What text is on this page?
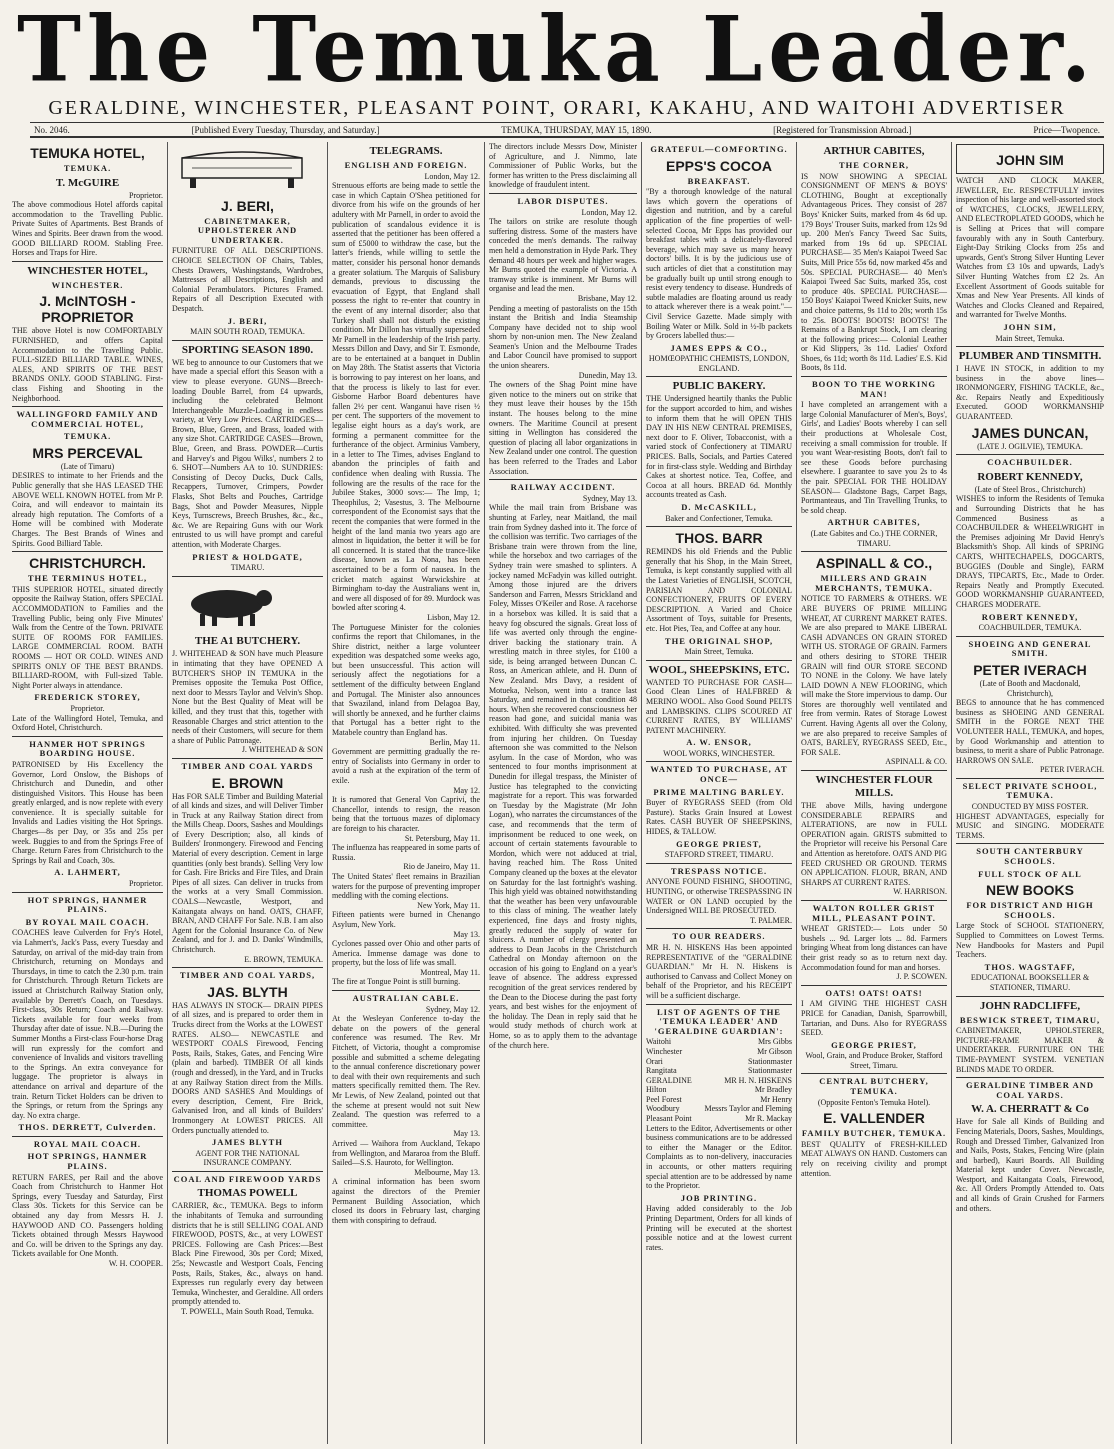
The Temuka Leader.
GERALDINE, WINCHESTER, PLEASANT POINT, ORARI, KAKAHU, AND WAITOHI ADVERTISER
No. 2046.	[Published Every Tuesday, Thursday, and Saturday.]	TEMUKA, THURSDAY, MAY 15, 1890.	[Registered for Transmission Abroad.]	Price—Twopence.
TEMUKA HOTEL,
TEMUKA.
T. McGUIRE
Proprietor.
The above commodious Hotel affords capital accommodation to the Travelling Public. Private Suites of Apartments. Best Brands of Wines and Spirits. Beer drawn from the wood. GOOD BILLIARD ROOM. Stabling Free. Horses and Traps for Hire.
WINCHESTER HOTEL,
WINCHESTER.
J. McINTOSH - PROPRIETOR
THE above Hotel is now COMFORTABLY FURNISHED, and offers Capital Accommodation to the Travelling Public. FULL-SIZED BILLIARD TABLE. WINES, ALES, AND SPIRITS OF THE BEST BRANDS ONLY. GOOD STABLING. First-class Fishing and Shooting in the Neighborhood.
WALLINGFORD FAMILY AND COMMERCIAL HOTEL,
TEMUKA.
MRS PERCEVAL
(Late of Timaru)
DESIRES to intimate to her Friends and the Public generally that she HAS LEASED THE ABOVE WELL KNOWN HOTEL from Mr P. Coira, and will endeavor to maintain its already high reputation. The Comforts of a Home will be combined with Moderate Charges. The Best Brands of Wines and Spirits. Good Billiard Table.
CHRISTCHURCH.
THE TERMINUS HOTEL,
THIS SUPERIOR HOTEL, situated directly opposite the Railway Station, offers SPECIAL ACCOMMODATION to Families and the Travelling Public, being only Five Minutes' Walk from the Centre of the Town. PRIVATE SUITE OF ROOMS FOR FAMILIES. LARGE COMMERCIAL ROOM. BATH ROOMS — HOT OR COLD. WINES AND SPIRITS ONLY OF THE BEST BRANDS. BILLIARD-ROOM, with Full-sized Table. Night Porter always in attendance.
FREDERICK STOREY,
Proprietor.
Late of the Wallingford Hotel, Temuka, and Oxford Hotel, Christchurch.
HANMER HOT SPRINGS BOARDING HOUSE.
PATRONISED by His Excellency the Governor, Lord Onslow, the Bishops of Christchurch and Dunedin, and other distinguished Visitors. This House has been greatly enlarged, and is now replete with every convenience. It is specially suitable for Invalids and Ladies visiting the Hot Springs. Charges—8s per Day, or 35s and 25s per week. Buggies to and from the Springs Free of Charge. Return Fares from Christchurch to the Springs by Rail and Coach, 30s.
A. LAHMERT,
Proprietor.
HOT SPRINGS, HANMER PLAINS.
BY ROYAL MAIL COACH.
COACHES leave Culverden for Fry's Hotel, via Lahmert's, Jack's Pass, every Tuesday and Saturday, on arrival of the mid-day train from Christchurch, returning on Mondays and Thursdays, in time to catch the 2.30 p.m. train for Christchurch. Through Return Tickets are issued at Christchurch Railway Station only, available by Derrett's Coach, on Tuesdays. First-class, 30s Return; Coach and Railway. Tickets available for four weeks from Thursday after date of issue. N.B.—During the Summer Months a First-class Four-horse Drag will run expressly for the comfort and convenience of Invalids and visitors travelling to the Springs. An extra conveyance for luggage. The proprietor is always in attendance on arrival and departure of the train. Return Ticket Holders can be driven to the Springs, or return from the Springs any day. No extra charge.
THOS. DERRETT, Culverden.
ROYAL MAIL COACH.
HOT SPRINGS, HANMER PLAINS.
RETURN FARES, per Rail and the above Coach from Christchurch to Hanmer Hot Springs, every Tuesday and Saturday, First Class 30s. Tickets for this Service can be obtained any day from Messrs H. J. HAYWOOD AND CO. Passengers holding Tickets obtained through Messrs Haywood and Co. will be driven to the Springs any day. Tickets available for One Month.
W. H. COOPER.
J. BERI,
CABINETMAKER, UPHOLSTERER AND UNDERTAKER.
FURNITURE OF ALL DESCRIPTIONS. CHOICE SELECTION OF Chairs, Tables, Chests Drawers, Washingstands, Wardrobes, Mattresses of all Descriptions, English and Colonial Perambulators. Pictures Framed. Repairs of all Description Executed with Despatch.
J. BERI,
MAIN SOUTH ROAD, TEMUKA.
SPORTING SEASON 1890.
WE beg to announce to our Customers that we have made a special effort this Season with a view to please everyone. GUNS—Breech-loading Double Barrel, from £4 upwards, including the celebrated Belmont Interchangeable Muzzle-Loading in endless variety, at Very Low Prices. CARTRIDGES—Brown, Blue, Green, and Brass, loaded with any size Shot. CARTRIDGE CASES—Brown, Blue, Green, and Brass. POWDER—Curtis and Harvey's and Pigou Wilks', numbers 2 to 6. SHOT—Numbers AA to 10. SUNDRIES: Consisting of Decoy Ducks, Duck Calls, Recappers, Turnover, Crimpers, Powder Flasks, Shot Belts and Pouches, Cartridge Bags, Shot and Powder Measures, Nipple Keys, Turnscrews, Breech Brushes, &c., &c., &c. We are Repairing Guns with our Work entrusted to us will have prompt and careful attention, with Moderate Charges.
PRIEST & HOLDGATE,
TIMARU.
THE A1 BUTCHERY.
J. WHITEHEAD & SON have much Pleasure in intimating that they have OPENED A BUTCHER'S SHOP IN TEMUKA in the Premises opposite the Temuka Post Office, next door to Messrs Taylor and Velvin's Shop. None but the Best Quality of Meat will be killed, and they trust that this, together with Reasonable Charges and strict attention to the needs of their Customers, will secure for them a share of Public Patronage.
J. WHITEHEAD & SON
TIMBER AND COAL YARDS
E. BROWN
Has FOR SALE Timber and Building Material of all kinds and sizes, and will Deliver Timber in Truck at any Railway Station direct from the Mills Cheap. Doors, Sashes and Mouldings of Every Description; also, all kinds of Builders' Ironmongery. Firewood and Fencing Material of every description. Cement in large quantities (only best brands). Selling Very low for Cash. Fire Bricks and Fire Tiles, and Drain Pipes of all sizes. Can deliver in trucks from the works at a very Small Commission. COALS—Newcastle, Westport, and Kaitangata always on hand. OATS, CHAFF, BRAN, AND CHAFF For Sale. N.B. I am also Agent for the Colonial Insurance Co. of New Zealand, and for J. and D. Danks' Windmills, Christchurch.
E. BROWN, TEMUKA.
TIMBER AND COAL YARDS,
JAS. BLYTH
HAS ALWAYS IN STOCK— DRAIN PIPES of all sizes, and is prepared to order them in Trucks direct from the Works at the LOWEST RATES. ALSO— NEWCASTLE and WESTPORT COALS Firewood, Fencing Posts, Rails, Stakes, Gates, and Fencing Wire (plain and barbed). TIMBER Of all kinds (rough and dressed), in the Yard, and in Trucks at any Railway Station direct from the Mills. DOORS AND SASHES And Mouldings of every description, Cement, Fire Brick, Galvanised Iron, and all kinds of Builders' Ironmongery At LOWEST PRICES. All Orders punctually attended to.
JAMES BLYTH
AGENT FOR THE NATIONAL INSURANCE COMPANY.
COAL AND FIREWOOD YARDS
THOMAS POWELL
CARRIER, &c., TEMUKA. Begs to inform the inhabitants of Temuka and surrounding districts that he is still SELLING COAL AND FIREWOOD, POSTS, &c., at very LOWEST PRICES. Following are Cash Prices:—Best Black Pine Firewood, 30s per Cord; Mixed, 25s; Newcastle and Westport Coals, Fencing Posts, Rails, Stakes, &c., always on hand. Expresses run regularly every day between Temuka, Winchester, and Geraldine. All orders promptly attended to.
T. POWELL, Main South Road, Temuka.
TELEGRAMS.
ENGLISH AND FOREIGN.
London, May 12.
Strenuous efforts are being made to settle the case in which Captain O'Shea petitioned for divorce from his wife on the grounds of her adultery with Mr Parnell, in order to avoid the publication of scandalous evidence it is asserted that the petitioner has been offered a sum of £5000 to withdraw the case, but the latter's friends, while willing to settle the matter, consider his personal honor demands a greater solatium. The Marquis of Salisbury demands, previous to discussing the evacuation of Egypt, that England shall possess the right to re-enter that country in the event of any internal disorder; also that Turkey shall shall not disturb the existing condition. Mr Dillon has virtually superseded Mr Parnell in the leadership of the Irish party. Messrs Dillon and Davy, and Sir T. Esmonde, are to be entertained at a banquet in Dublin on May 28th. The Statist asserts that Victoria is borrowing to pay interest on her loans, and that the process is likely to last for ever. Gisborne Harbor Board debentures have fallen 2½ per cent. Wanganui have risen ½ per cent. The supporters of the movement to legalise eight hours as a day's work, are forming a permanent committee for the furtherance of the object. Arminius Vambery, in a letter to The Times, advises England to abandon the principles of faith and confidence when dealing with Russia. The following are the results of the race for the Jubilee Stakes, 3000 sovs:— The Imp, 1; Theophilus, 2; Vasestus, 3. The Melbourne correspondent of the Economist says that the recent the companies that were formed in the height of the land mania two years ago are almost in liquidation, the better it will be for all concerned. It is stated that the trance-like disease, known as La Nona, has been ascertained to be a form of nausea. In the cricket match against Warwickshire at Birmingham to-day the Australians went in, and were all disposed of for 89. Murdock was bowled after scoring 4.
Lisbon, May 12.
The Portuguese Minister for the colonies confirms the report that Chilomanes, in the Shire district, neither a large volunteer expedition was despatched some weeks ago, but been unsuccessful. This action will seriously affect the negotiations for a settlement of the difficulty between England and Portugal. The Minister also announces that Swaziland, inland from Delagoa Bay, will shortly be annexed, and he further claims that Portugal has a better right to the Matabele country than England has.
Berlin, May 11.
Government are permitting gradually the re-entry of Socialists into Germany in order to avoid a rush at the expiration of the term of exile.
May 12.
It is rumored that General Von Caprivi, the Chancellor, intends to resign, the reason being that the tortuous mazes of diplomacy are foreign to his character.
St. Petersburg, May 11.
The influenza has reappeared in some parts of Russia.
Rio de Janeiro, May 11.
The United States' fleet remains in Brazilian waters for the purpose of preventing improper meddling with the coming elections.
New York, May 11.
Fifteen patients were burned in Chenango Asylum, New York.
May 13.
Cyclones passed over Ohio and other parts of America. Immense damage was done to property, but the loss of life was small.
Montreal, May 11.
The fire at Tongue Point is still burning.
AUSTRALIAN CABLE.
Sydney, May 12.
At the Wesleyan Conference to-day the debate on the powers of the general conference was resumed. The Rev. Mr Fitchett, of Victoria, thought a compromise possible and submitted a scheme delegating to the annual conference discretionary power to deal with their own requirements and such matters specifically remitted them. The Rev. Mr Lewis, of New Zealand, pointed out that the scheme at present would not suit New Zealand. The question was referred to a committee.
May 13.
Arrived — Waihora from Auckland, Tekapo from Wellington, and Mararoa from the Bluff. Sailed—S.S. Hauroto, for Wellington.
Melbourne, May 13.
A criminal information has been sworn against the directors of the Premier Permanent Building Association, which closed its doors in February last, charging them with conspiring to defraud.
The directors include Messrs Dow, Minister of Agriculture, and J. Nimmo, late Commissioner of Public Works, but the former has written to the Press disclaiming all knowledge of fraudulent intent.
LABOR DISPUTES.
London, May 12.
The tailors on strike are resolute though suffering distress. Some of the masters have conceded the men's demands. The railway men held a demonstration in Hyde Park. They demand 48 hours per week and higher wages. Mr Burns quoted the example of Victoria. A tramway strike is imminent. Mr Burns will organise and lead the men.
Brisbane, May 12.
Pending a meeting of pastoralists on the 15th instant the British and India Steamship Company have decided not to ship wool shorn by non-union men. The New Zealand Seamen's Union and the Melbourne Trades and Labor Council have promised to support the union shearers.
Dunedin, May 13.
The owners of the Shag Point mine have given notice to the miners out on strike that they must leave their houses by the 15th instant. The houses belong to the mine owners. The Maritime Council at present sitting in Wellington has considered the question of placing all labor organizations in New Zealand under one control. The question has been referred to the Trades and Labor Association.
RAILWAY ACCIDENT.
Sydney, May 13.
While the mail train from Brisbane was shunting at Farley, near Maitland, the mail train from Sydney dashed into it. The force of the collision was terrific. Two carriages of the Brisbane train were thrown from the line, while the horsebox and two carriages of the Sydney train were smashed to splinters. A jockey named McFadyin was killed outright. Among those injured are the drivers Sanderson and Farren, Messrs Strickland and Foley, Misses O'Keiler and Rose. A racehorse in a horsebox was killed. It is said that a heavy fog obscured the signals. Great loss of life was averted only through the engine-driver backing the stationary train. A wrestling match in three styles, for £100 a side, is being arranged between Duncan C. Ross, an American athlete, and H. Dunn of New Zealand. Mrs Davy, a resident of Motueka, Nelson, went into a trance last Saturday, and remained in that condition 48 hours. When she recovered consciousness her reason had gone, and suicidal mania was exhibited. With difficulty she was prevented from injuring her children. On Tuesday afternoon she was committed to the Nelson asylum. In the case of Mordon, who was sentenced to four months imprisonment at Dunedin for illegal trespass, the Minister of Justice has telegraphed to the convicting magistrate for a report. This was forwarded on Tuesday by the Magistrate (Mr John Logan), who narrates the circumstances of the case, and recommends that the term of imprisonment be reduced to one week, on account of certain statements favourable to Mordon, which were not adduced at trial, having reached him. The Ross United Company cleaned up the boxes at the elevator on Saturday for the last fortnight's washing. This high yield was obtained notwithstanding that the weather has been very unfavourable to this class of mining. The weather lately experienced, fine days and frosty nights, greatly reduced the supply of water for sluicers. A number of clergy presented an address to Dean Jacobs in the Christchurch Cathedral on Monday afternoon on the occasion of his going to England on a year's leave of absence. The address expressed recognition of the great services rendered by the Dean to the Diocese during the past forty years, and best wishes for the enjoyment of the holiday. The Dean in reply said that he would study methods of church work at Home, so as to apply them to the advantage of the church here.
GRATEFUL—COMFORTING.
EPPS'S COCOA
BREAKFAST.
"By a thorough knowledge of the natural laws which govern the operations of digestion and nutrition, and by a careful application of the fine properties of well-selected Cocoa, Mr Epps has provided our breakfast tables with a delicately-flavored beverage, which may save us many heavy doctors' bills. It is by the judicious use of such articles of diet that a constitution may be gradually built up until strong enough to resist every tendency to disease. Hundreds of subtle maladies are floating around us ready to attack wherever there is a weak point."—Civil Service Gazette. Made simply with Boiling Water or Milk. Sold in ½-lb packets by Grocers labelled thus:—
JAMES EPPS & CO.,
HOMŒOPATHIC CHEMISTS, LONDON, ENGLAND.
PUBLIC BAKERY.
THE Undersigned heartily thanks the Public for the support accorded to him, and wishes to inform them that he will OPEN THIS DAY IN HIS NEW CENTRAL PREMISES, next door to F. Oliver, Tobacconist, with a varied stock of Confectionery at TIMARU PRICES. Balls, Socials, and Parties Catered for in first-class style. Wedding and Birthday Cakes at shortest notice. Tea, Coffee, and Cocoa at all hours. BREAD 6d. Monthly accounts treated as Cash.
D. McCASKILL,
Baker and Confectioner, Temuka.
THOS. BARR
REMINDS his old Friends and the Public generally that his Shop, in the Main Street, Temuka, is kept constantly supplied with all the Latest Varieties of ENGLISH, SCOTCH, PARISIAN AND COLONIAL CONFECTIONERY, FRUITS OF EVERY DESCRIPTION. A Varied and Choice Assortment of Toys, suitable for Presents, etc. Hot Pies, Tea, and Coffee at any hour.
THE ORIGINAL SHOP,
Main Street, Temuka.
WOOL, SHEEPSKINS, ETC.
WANTED TO PURCHASE FOR CASH—Good Clean Lines of HALFBRED & MERINO WOOL. Also Good Sound PELTS and LAMBSKINS. CLIPS SCOURED AT CURRENT RATES, BY WILLIAMS' PATENT MACHINERY.
A. W. ENSOR,
WOOL WORKS, WINCHESTER.
WANTED TO PURCHASE, AT ONCE—
PRIME MALTING BARLEY.
Buyer of RYEGRASS SEED (from Old Pasture). Stacks Grain Insured at Lowest Rates. CASH BUYER OF SHEEPSKINS, HIDES, & TALLOW.
GEORGE PRIEST,
STAFFORD STREET, TIMARU.
TRESPASS NOTICE.
ANYONE FOUND FISHING, SHOOTING, HUNTING, or otherwise TRESPASSING IN WATER or ON LAND occupied by the Undersigned WILL BE PROSECUTED.
T. PALMER.
TO OUR READERS.
MR H. N. HISKENS Has been appointed REPRESENTATIVE of the "GERALDINE GUARDIAN." Mr H. N. Hiskens is authorised to Canvass and Collect Money on behalf of the Proprietor, and his RECEIPT will be a sufficient discharge.
LIST OF AGENTS OF THE 'TEMUKA LEADER' AND 'GERALDINE GUARDIAN':
Waitohi	Mrs Gibbs
Winchester	Mr Gibson
Orari	Stationmaster
Rangitata	Stationmaster
GERALDINE	MR H. N. HISKENS
Hilton	Mr Bradley
Peel Forest	Mr Henry
Woodbury	Messrs Taylor and Fleming
Pleasant Point	Mr R. Mackay
Letters to the Editor, Advertisements or other business communications are to be addressed to either the Manager or the Editor. Complaints as to non-delivery, inaccuracies in accounts, or other matters requiring special attention are to be addressed by name to the Proprietor.
JOB PRINTING.
Having added considerably to the Job Printing Department, Orders for all kinds of Printing will be executed at the shortest possible notice and at the lowest current rates.
ARTHUR CABITES,
THE CORNER,
IS NOW SHOWING A SPECIAL CONSIGNMENT OF MEN'S & BOYS' CLOTHING, Bought at exceptionally Advantageous Prices. They consist of 287 Boys' Knicker Suits, marked from 4s 6d up. 179 Boys' Trouser Suits, marked from 12s 9d up. 200 Men's Fancy Tweed Sac Suits, marked from 19s 6d up. SPECIAL PURCHASE— 35 Men's Kaiapoi Tweed Sac Suits, Mill Price 55s 6d, now marked 45s and 50s. SPECIAL PURCHASE— 40 Men's Kaiapoi Tweed Sac Suits, marked 35s, cost to produce 40s. SPECIAL PURCHASE— 150 Boys' Kaiapoi Tweed Knicker Suits, new and choice patterns, 9s 11d to 20s; worth 15s to 25s. BOOTS! BOOTS! BOOTS! The Remains of a Bankrupt Stock, I am clearing at the following prices:— Colonial Leather or Kid Slippers, 3s 11d. Ladies' Oxford Shoes, 6s 11d; worth 8s 11d. Ladies' E.S. Kid Boots, 8s 11d.
BOON TO THE WORKING MAN!
I have completed an arrangement with a large Colonial Manufacturer of Men's, Boys', Girls', and Ladies' Boots whereby I can sell their productions at Wholesale Cost, receiving a small commission for trouble. If you want Wear-resisting Boots, don't fail to see these Goods before purchasing elsewhere. I guarantee to save you 2s to 4s the pair. SPECIAL FOR THE HOLIDAY SEASON— Gladstone Bags, Carpet Bags, Portmanteaus, and Tin Travelling Trunks, to be sold cheap.
ARTHUR CABITES,
(Late Gabites and Co.) THE CORNER, TIMARU.
ASPINALL & CO.,
MILLERS AND GRAIN MERCHANTS, TEMUKA.
NOTICE TO FARMERS & OTHERS. WE ARE BUYERS OF PRIME MILLING WHEAT, AT CURRENT MARKET RATES. We are also prepared to MAKE LIBERAL CASH ADVANCES ON GRAIN STORED WITH US. STORAGE OF GRAIN. Farmers and others desiring to STORE THEIR GRAIN will find OUR STORE SECOND TO NONE in the Colony. We have lately LAID DOWN A NEW FLOORING, which will make the Store impervious to damp. Our Stores are thoroughly well ventilated and free from vermin. Rates of Storage Lowest Current. Having Agents all over the Colony, we are also prepared to receive Samples of OATS, BARLEY, RYEGRASS SEED, Etc., FOR SALE.
ASPINALL & CO.
WINCHESTER FLOUR MILLS.
THE above Mills, having undergone CONSIDERABLE REPAIRS and ALTERATIONS, are now in FULL OPERATION again. GRISTS submitted to the Proprietor will receive his Personal Care and Attention as heretofore. OATS AND PIG FEED CRUSHED OR GROUND. TERMS ON APPLICATION. FLOUR, BRAN, AND SHARPS AT CURRENT RATES.
W. HARRISON.
WALTON ROLLER GRIST MILL, PLEASANT POINT.
WHEAT GRISTED:— Lots under 50 bushels ... 9d. Larger lots ... 8d. Farmers bringing Wheat from long distances can have their grist ready so as to return next day. Accommodation found for man and horses.
J. P. SCOWEN.
OATS! OATS! OATS!
I AM GIVING THE HIGHEST CASH PRICE for Canadian, Danish, Sparrowbill, Tartarian, and Duns. Also for RYEGRASS SEED.
GEORGE PRIEST,
Wool, Grain, and Produce Broker, Stafford Street, Timaru.
CENTRAL BUTCHERY, TEMUKA.
(Opposite Fenton's Temuka Hotel).
E. VALLENDER
FAMILY BUTCHER, TEMUKA.
BEST QUALITY of FRESH-KILLED MEAT ALWAYS ON HAND. Customers can rely on receiving civility and prompt attention.
JOHN SIM
WATCH AND CLOCK MAKER, JEWELLER, Etc. RESPECTFULLY invites inspection of his large and well-assorted stock of WATCHES, CLOCKS, JEWELLERY, AND ELECTROPLATED GOODS, which he is Selling at Prices that will compare favourably with any in South Canterbury. Eight-Day Striking Clocks from 25s and upwards, Gent's Strong Silver Hunting Lever Watches from £3 10s and upwards, Lady's Silver Hunting Watches from £2 2s. An Excellent Assortment of Goods suitable for Xmas and New Year Presents. All kinds of Watches and Clocks Cleaned and Repaired, and warranted for Twelve Months.
JOHN SIM,
Main Street, Temuka.
PLUMBER AND TINSMITH.
I HAVE IN STOCK, in addition to my business in the above lines— IRONMONGERY, FISHING TACKLE, &c., &c. Repairs Neatly and Expeditiously Executed. GOOD WORKMANSHIP GUARANTEED.
JAMES DUNCAN,
(LATE J. OGILVIE), TEMUKA.
COACHBUILDER.
ROBERT KENNEDY,
(Late of Steel Bros., Christchurch)
WISHES to inform the Residents of Temuka and Surrounding Districts that he has Commenced Business as a COACHBUILDER & WHEELWRIGHT in the Premises adjoining Mr David Henry's Blacksmith's Shop. All kinds of SPRING CARTS, WHITECHAPELS, DOGCARTS, BUGGIES (Double and Single), FARM DRAYS, TIPCARTS, Etc., Made to Order. Repairs Neatly and Promptly Executed. GOOD WORKMANSHIP GUARANTEED, CHARGES MODERATE.
ROBERT KENNEDY,
COACHBUILDER, TEMUKA.
SHOEING AND GENERAL SMITH.
PETER IVERACH
(Late of Booth and Macdonald, Christchurch),
BEGS to announce that he has commenced business as SHOEING AND GENERAL SMITH in the FORGE NEXT THE VOLUNTEER HALL, TEMUKA, and hopes, by Good Workmanship and attention to business, to merit a share of Public Patronage. HARROWS ON SALE.
PETER IVERACH.
SELECT PRIVATE SCHOOL, TEMUKA.
CONDUCTED BY MISS FOSTER.
HIGHEST ADVANTAGES, especially for MUSIC and SINGING. MODERATE TERMS.
SOUTH CANTERBURY SCHOOLS.
FULL STOCK OF ALL
NEW BOOKS
FOR DISTRICT AND HIGH SCHOOLS.
Large Stock of SCHOOL STATIONERY, Supplied to Committees on Lowest Terms. New Handbooks for Masters and Pupil Teachers.
THOS. WAGSTAFF,
EDUCATIONAL BOOKSELLER & STATIONER, TIMARU.
JOHN RADCLIFFE,
BESWICK STREET, TIMARU,
CABINETMAKER, UPHOLSTERER, PICTURE-FRAME MAKER & UNDERTAKER. FURNITURE ON THE TIME-PAYMENT SYSTEM. VENETIAN BLINDS MADE TO ORDER.
GERALDINE TIMBER AND COAL YARDS.
W. A. CHERRATT & Co
Have for Sale all Kinds of Building and Fencing Materials, Doors, Sashes, Mouldings, Rough and Dressed Timber, Galvanized Iron and Nails, Posts, Stakes, Fencing Wire (plain and barbed), Kauri Boards. All Building Material kept under Cover. Newcastle, Westport, and Kaitangata Coals, Firewood, &c. All Orders Promptly Attended to. Oats and all kinds of Grain Crushed for Farmers and others.
